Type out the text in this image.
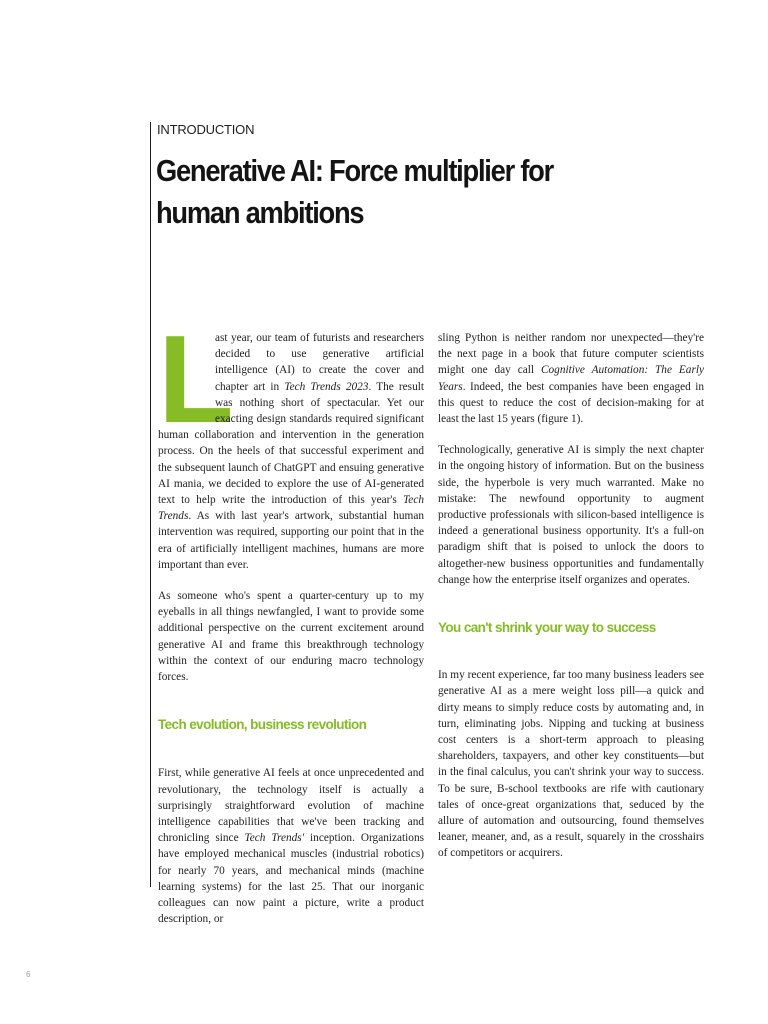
INTRODUCTION

Generative AI: Force multiplier for human ambitions

L
ast year, our team of futurists and researchers decided to use generative artificial intelligence (AI) to create the cover and chapter art in Tech Trends 2023. The result was nothing short of spectacular. Yet our exacting design standards required significant human collaboration and intervention in the generation process. On the heels of that successful experiment and the subsequent launch of ChatGPT and ensuing generative AI mania, we decided to explore the use of AI-generated text to help write the introduction of this year's Tech Trends. As with last year's artwork, substantial human intervention was required, supporting our point that in the era of artificially intelligent machines, humans are more important than ever.

As someone who's spent a quarter-century up to my eyeballs in all things newfangled, I want to provide some additional perspective on the current excitement around generative AI and frame this breakthrough technology within the context of our enduring macro technology forces.

Tech evolution, business revolution

First, while generative AI feels at once unprecedented and revolutionary, the technology itself is actually a surprisingly straightforward evolution of machine intelligence capabilities that we've been tracking and chronicling since Tech Trends' inception. Organizations have employed mechanical muscles (industrial robotics) for nearly 70 years, and mechanical minds (machine learning systems) for the last 25. That our inorganic colleagues can now paint a picture, write a product description, or

sling Python is neither random nor unexpected—they're the next page in a book that future computer scientists might one day call Cognitive Automation: The Early Years. Indeed, the best companies have been engaged in this quest to reduce the cost of decision-making for at least the last 15 years (figure 1).

Technologically, generative AI is simply the next chapter in the ongoing history of information. But on the business side, the hyperbole is very much warranted. Make no mistake: The newfound opportunity to augment productive professionals with silicon-based intelligence is indeed a generational business opportunity. It's a full-on paradigm shift that is poised to unlock the doors to altogether-new business opportunities and fundamentally change how the enterprise itself organizes and operates.

You can't shrink your way to success

In my recent experience, far too many business leaders see generative AI as a mere weight loss pill—a quick and dirty means to simply reduce costs by automating and, in turn, eliminating jobs. Nipping and tucking at business cost centers is a short-term approach to pleasing shareholders, taxpayers, and other key constituents—but in the final calculus, you can't shrink your way to success. To be sure, B-school textbooks are rife with cautionary tales of once-great organizations that, seduced by the allure of automation and outsourcing, found themselves leaner, meaner, and, as a result, squarely in the crosshairs of competitors or acquirers.

6
